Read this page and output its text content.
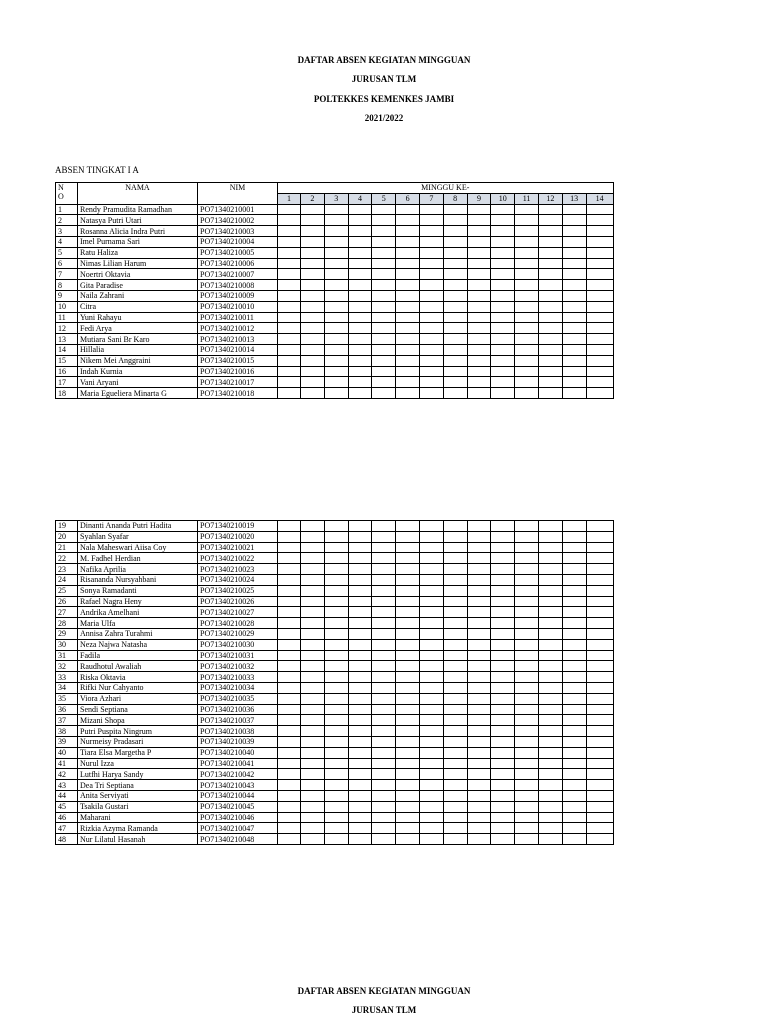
DAFTAR ABSEN KEGIATAN MINGGUAN
JURUSAN TLM
POLTEKKES KEMENKES JAMBI
2021/2022
ABSEN TINGKAT I A
N
O	NAMA	NIM	MINGGU KE-													
			1	2	3	4	5	6	7	8	9	10	11	12	13	14
1	Rendy Pramudita Ramadhan	PO71340210001														
2	Natasya Putri Utari	PO71340210002														
3	Rosanna Alicia Indra Putri	PO71340210003														
4	Imel Purnama Sari	PO71340210004														
5	Ratu Haliza	PO71340210005														
6	Nimas Lilian Harum	PO71340210006														
7	Noertri Oktavia	PO71340210007														
8	Gita Paradise	PO71340210008														
9	Naila Zahrani	PO71340210009														
10	Citra	PO71340210010														
11	Yuni Rahayu	PO71340210011														
12	Fedi Arya	PO71340210012														
13	Mutiara Sani Br Karo	PO71340210013														
14	Hillalia	PO71340210014														
15	Nikem Mei Anggraini	PO71340210015														
16	Indah Kurnia	PO71340210016														
17	Vani Aryani	PO71340210017														
18	Maria Egueliera Minarta G	PO71340210018														
19	Dinanti Ananda Putri Hadita	PO71340210019														
20	Syahlan Syafar	PO71340210020														
21	Nala Maheswari Aiisa Coy	PO71340210021														
22	M. Fadhel Herdian	PO71340210022														
23	Nafika Aprilia	PO71340210023														
24	Risananda Nursyahbani	PO71340210024														
25	Sonya Ramadanti	PO71340210025														
26	Rafael Nagra Heny	PO71340210026														
27	Andrika Amelhani	PO71340210027														
28	Maria Ulfa	PO71340210028														
29	Annisa Zahra Turahmi	PO71340210029														
30	Neza Najwa Natasha	PO71340210030														
31	Fadila	PO71340210031														
32	Raudhotul Awaliah	PO71340210032														
33	Riska Oktavia	PO71340210033														
34	Rifki Nur Cahyanto	PO71340210034														
35	Viora Azhari	PO71340210035														
36	Sendi Septiana	PO71340210036														
37	Mizani Shopa	PO71340210037														
38	Putri Puspita Ningrum	PO71340210038														
39	Nurmeisy Pradasari	PO71340210039														
40	Tiara Elsa Margetha P	PO71340210040														
41	Nurul Izza	PO71340210041														
42	Lutfhi Harya Sandy	PO71340210042														
43	Dea Tri Septiana	PO71340210043														
44	Anita Serviyati	PO71340210044														
45	Tsakila Gustari	PO71340210045														
46	Maharani	PO71340210046														
47	Rizkia Azyma Ramanda	PO71340210047														
48	Nur Lilatul Hasanah	PO71340210048														
DAFTAR ABSEN KEGIATAN MINGGUAN
JURUSAN TLM
